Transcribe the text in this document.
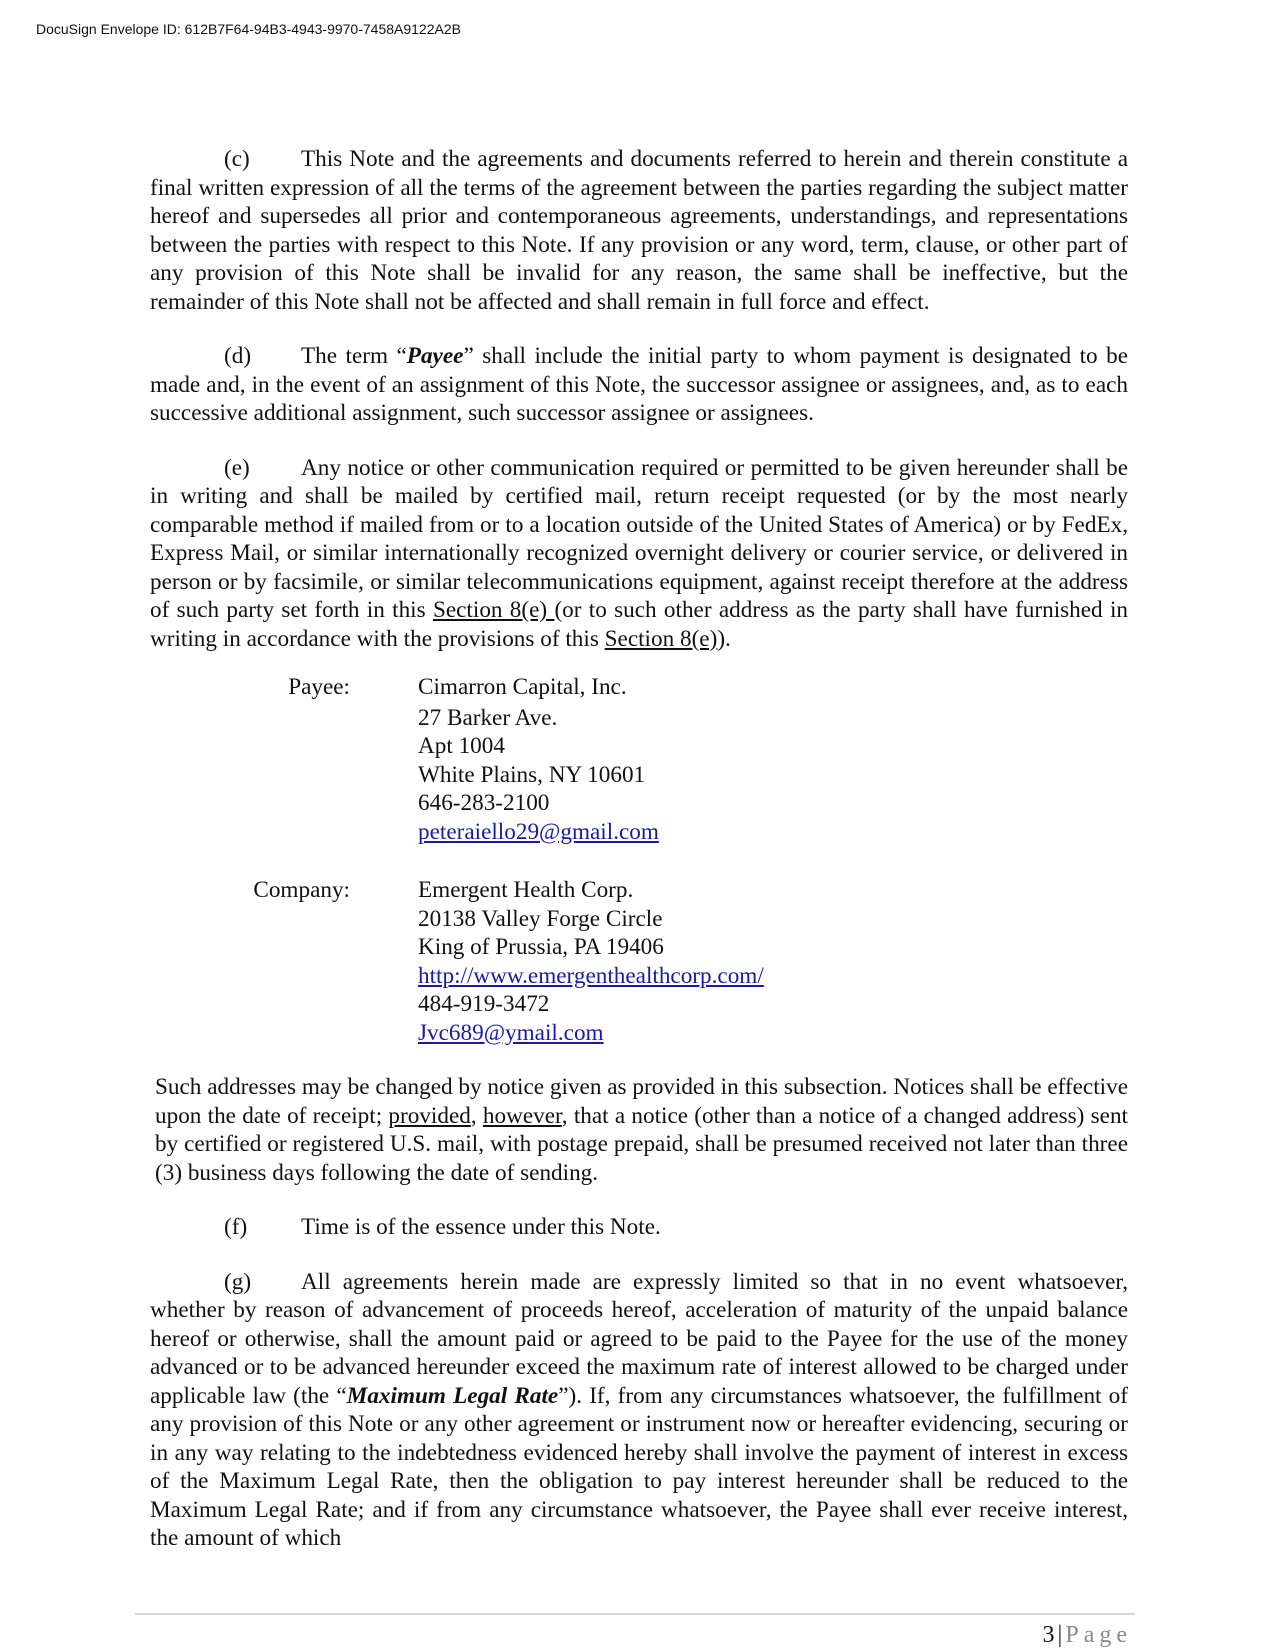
DocuSign Envelope ID: 612B7F64-94B3-4943-9970-7458A9122A2B

(c) This Note and the agreements and documents referred to herein and therein constitute a final written expression of all the terms of the agreement between the parties regarding the subject matter hereof and supersedes all prior and contemporaneous agreements, understandings, and representations between the parties with respect to this Note. If any provision or any word, term, clause, or other part of any provision of this Note shall be invalid for any reason, the same shall be ineffective, but the remainder of this Note shall not be affected and shall remain in full force and effect.

(d) The term “Payee” shall include the initial party to whom payment is designated to be made and, in the event of an assignment of this Note, the successor assignee or assignees, and, as to each successive additional assignment, such successor assignee or assignees.

(e) Any notice or other communication required or permitted to be given hereunder shall be in writing and shall be mailed by certified mail, return receipt requested (or by the most nearly comparable method if mailed from or to a location outside of the United States of America) or by FedEx, Express Mail, or similar internationally recognized overnight delivery or courier service, or delivered in person or by facsimile, or similar telecommunications equipment, against receipt therefore at the address of such party set forth in this Section 8(e) (or to such other address as the party shall have furnished in writing in accordance with the provisions of this Section 8(e)).

Payee:	Cimarron Capital, Inc.
27 Barker Ave.
Apt 1004
White Plains, NY 10601
646-283-2100
peteraiello29@gmail.com
Company:	Emergent Health Corp.
20138 Valley Forge Circle
King of Prussia, PA 19406
http://www.emergenthealthcorp.com/
484-919-3472
Jvc689@ymail.com

Such addresses may be changed by notice given as provided in this subsection. Notices shall be effective upon the date of receipt; provided, however, that a notice (other than a notice of a changed address) sent by certified or registered U.S. mail, with postage prepaid, shall be presumed received not later than three (3) business days following the date of sending.

(f) Time is of the essence under this Note.

(g) All agreements herein made are expressly limited so that in no event whatsoever, whether by reason of advancement of proceeds hereof, acceleration of maturity of the unpaid balance hereof or otherwise, shall the amount paid or agreed to be paid to the Payee for the use of the money advanced or to be advanced hereunder exceed the maximum rate of interest allowed to be charged under applicable law (the “Maximum Legal Rate”). If, from any circumstances whatsoever, the fulfillment of any provision of this Note or any other agreement or instrument now or hereafter evidencing, securing or in any way relating to the indebtedness evidenced hereby shall involve the payment of interest in excess of the Maximum Legal Rate, then the obligation to pay interest hereunder shall be reduced to the Maximum Legal Rate; and if from any circumstance whatsoever, the Payee shall ever receive interest, the amount of which

3 | Page
